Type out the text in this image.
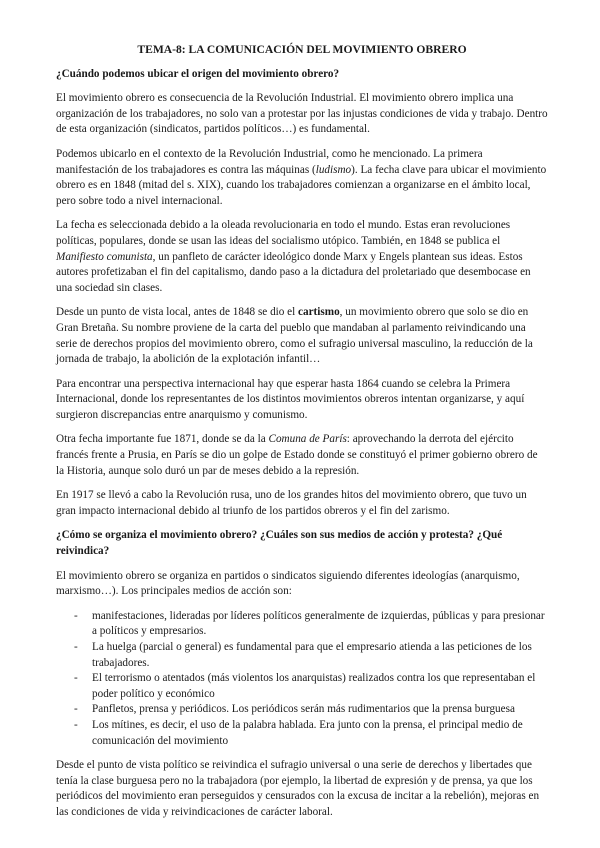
TEMA-8: LA COMUNICACIÓN DEL MOVIMIENTO OBRERO
¿Cuándo podemos ubicar el origen del movimiento obrero?

El movimiento obrero es consecuencia de la Revolución Industrial. El movimiento obrero implica una organización de los trabajadores, no solo van a protestar por las injustas condiciones de vida y trabajo. Dentro de esta organización (sindicatos, partidos políticos…) es fundamental.

Podemos ubicarlo en el contexto de la Revolución Industrial, como he mencionado. La primera manifestación de los trabajadores es contra las máquinas (ludismo). La fecha clave para ubicar el movimiento obrero es en 1848 (mitad del s. XIX), cuando los trabajadores comienzan a organizarse en el ámbito local, pero sobre todo a nivel internacional.

La fecha es seleccionada debido a la oleada revolucionaria en todo el mundo. Estas eran revoluciones políticas, populares, donde se usan las ideas del socialismo utópico. También, en 1848 se publica el Manifiesto comunista, un panfleto de carácter ideológico donde Marx y Engels plantean sus ideas. Estos autores profetizaban el fin del capitalismo, dando paso a la dictadura del proletariado que desembocase en una sociedad sin clases.

Desde un punto de vista local, antes de 1848 se dio el cartismo, un movimiento obrero que solo se dio en Gran Bretaña. Su nombre proviene de la carta del pueblo que mandaban al parlamento reivindicando una serie de derechos propios del movimiento obrero, como el sufragio universal masculino, la reducción de la jornada de trabajo, la abolición de la explotación infantil…

Para encontrar una perspectiva internacional hay que esperar hasta 1864 cuando se celebra la Primera Internacional, donde los representantes de los distintos movimientos obreros intentan organizarse, y aquí surgieron discrepancias entre anarquismo y comunismo.

Otra fecha importante fue 1871, donde se da la Comuna de París: aprovechando la derrota del ejército francés frente a Prusia, en París se dio un golpe de Estado donde se constituyó el primer gobierno obrero de la Historia, aunque solo duró un par de meses debido a la represión.

En 1917 se llevó a cabo la Revolución rusa, uno de los grandes hitos del movimiento obrero, que tuvo un gran impacto internacional debido al triunfo de los partidos obreros y el fin del zarismo.

¿Cómo se organiza el movimiento obrero? ¿Cuáles son sus medios de acción y protesta? ¿Qué reivindica?

El movimiento obrero se organiza en partidos o sindicatos siguiendo diferentes ideologías (anarquismo, marxismo…). Los principales medios de acción son:

- manifestaciones, lideradas por líderes políticos generalmente de izquierdas, públicas y para presionar a políticos y empresarios.
- La huelga (parcial o general) es fundamental para que el empresario atienda a las peticiones de los trabajadores.
- El terrorismo o atentados (más violentos los anarquistas) realizados contra los que representaban el poder político y económico
- Panfletos, prensa y periódicos. Los periódicos serán más rudimentarios que la prensa burguesa
- Los mítines, es decir, el uso de la palabra hablada. Era junto con la prensa, el principal medio de comunicación del movimiento

Desde el punto de vista político se reivindica el sufragio universal o una serie de derechos y libertades que tenía la clase burguesa pero no la trabajadora (por ejemplo, la libertad de expresión y de prensa, ya que los periódicos del movimiento eran perseguidos y censurados con la excusa de incitar a la rebelión), mejoras en las condiciones de vida y reivindicaciones de carácter laboral.
